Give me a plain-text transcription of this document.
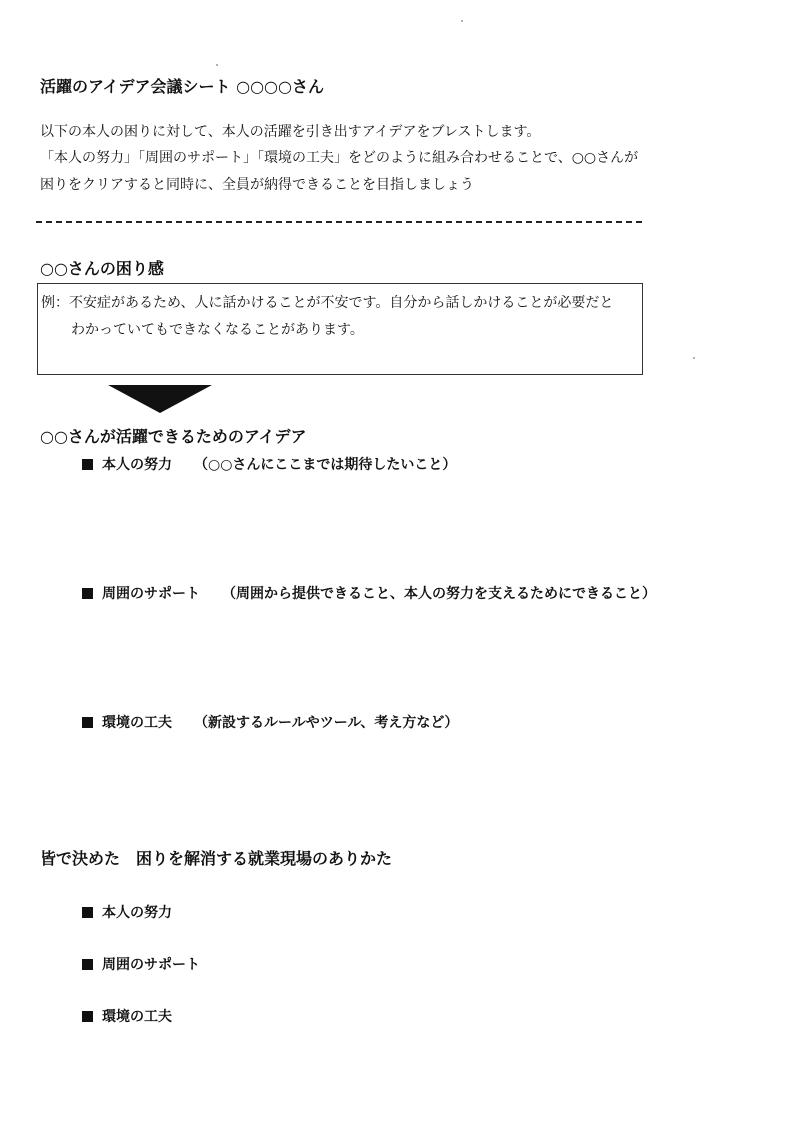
活躍のアイデア会議シート ○○○○さん
以下の本人の困りに対して、本人の活躍を引き出すアイデアをブレストします。
「本人の努力」「周囲のサポート」「環境の工夫」をどのように組み合わせることで、○○さんが
困りをクリアすると同時に、全員が納得できることを目指しましょう
○○さんの困り感
例：不安症があるため、人に話かけることが不安です。自分から話しかけることが必要だと
わかっていてもできなくなることがあります。
○○さんが活躍できるためのアイデア
本人の努力 （○○さんにここまでは期待したいこと）
周囲のサポート （周囲から提供できること、本人の努力を支えるためにできること）
環境の工夫 （新設するルールやツール、考え方など）
皆で決めた　困りを解消する就業現場のありかた
本人の努力
周囲のサポート
環境の工夫
